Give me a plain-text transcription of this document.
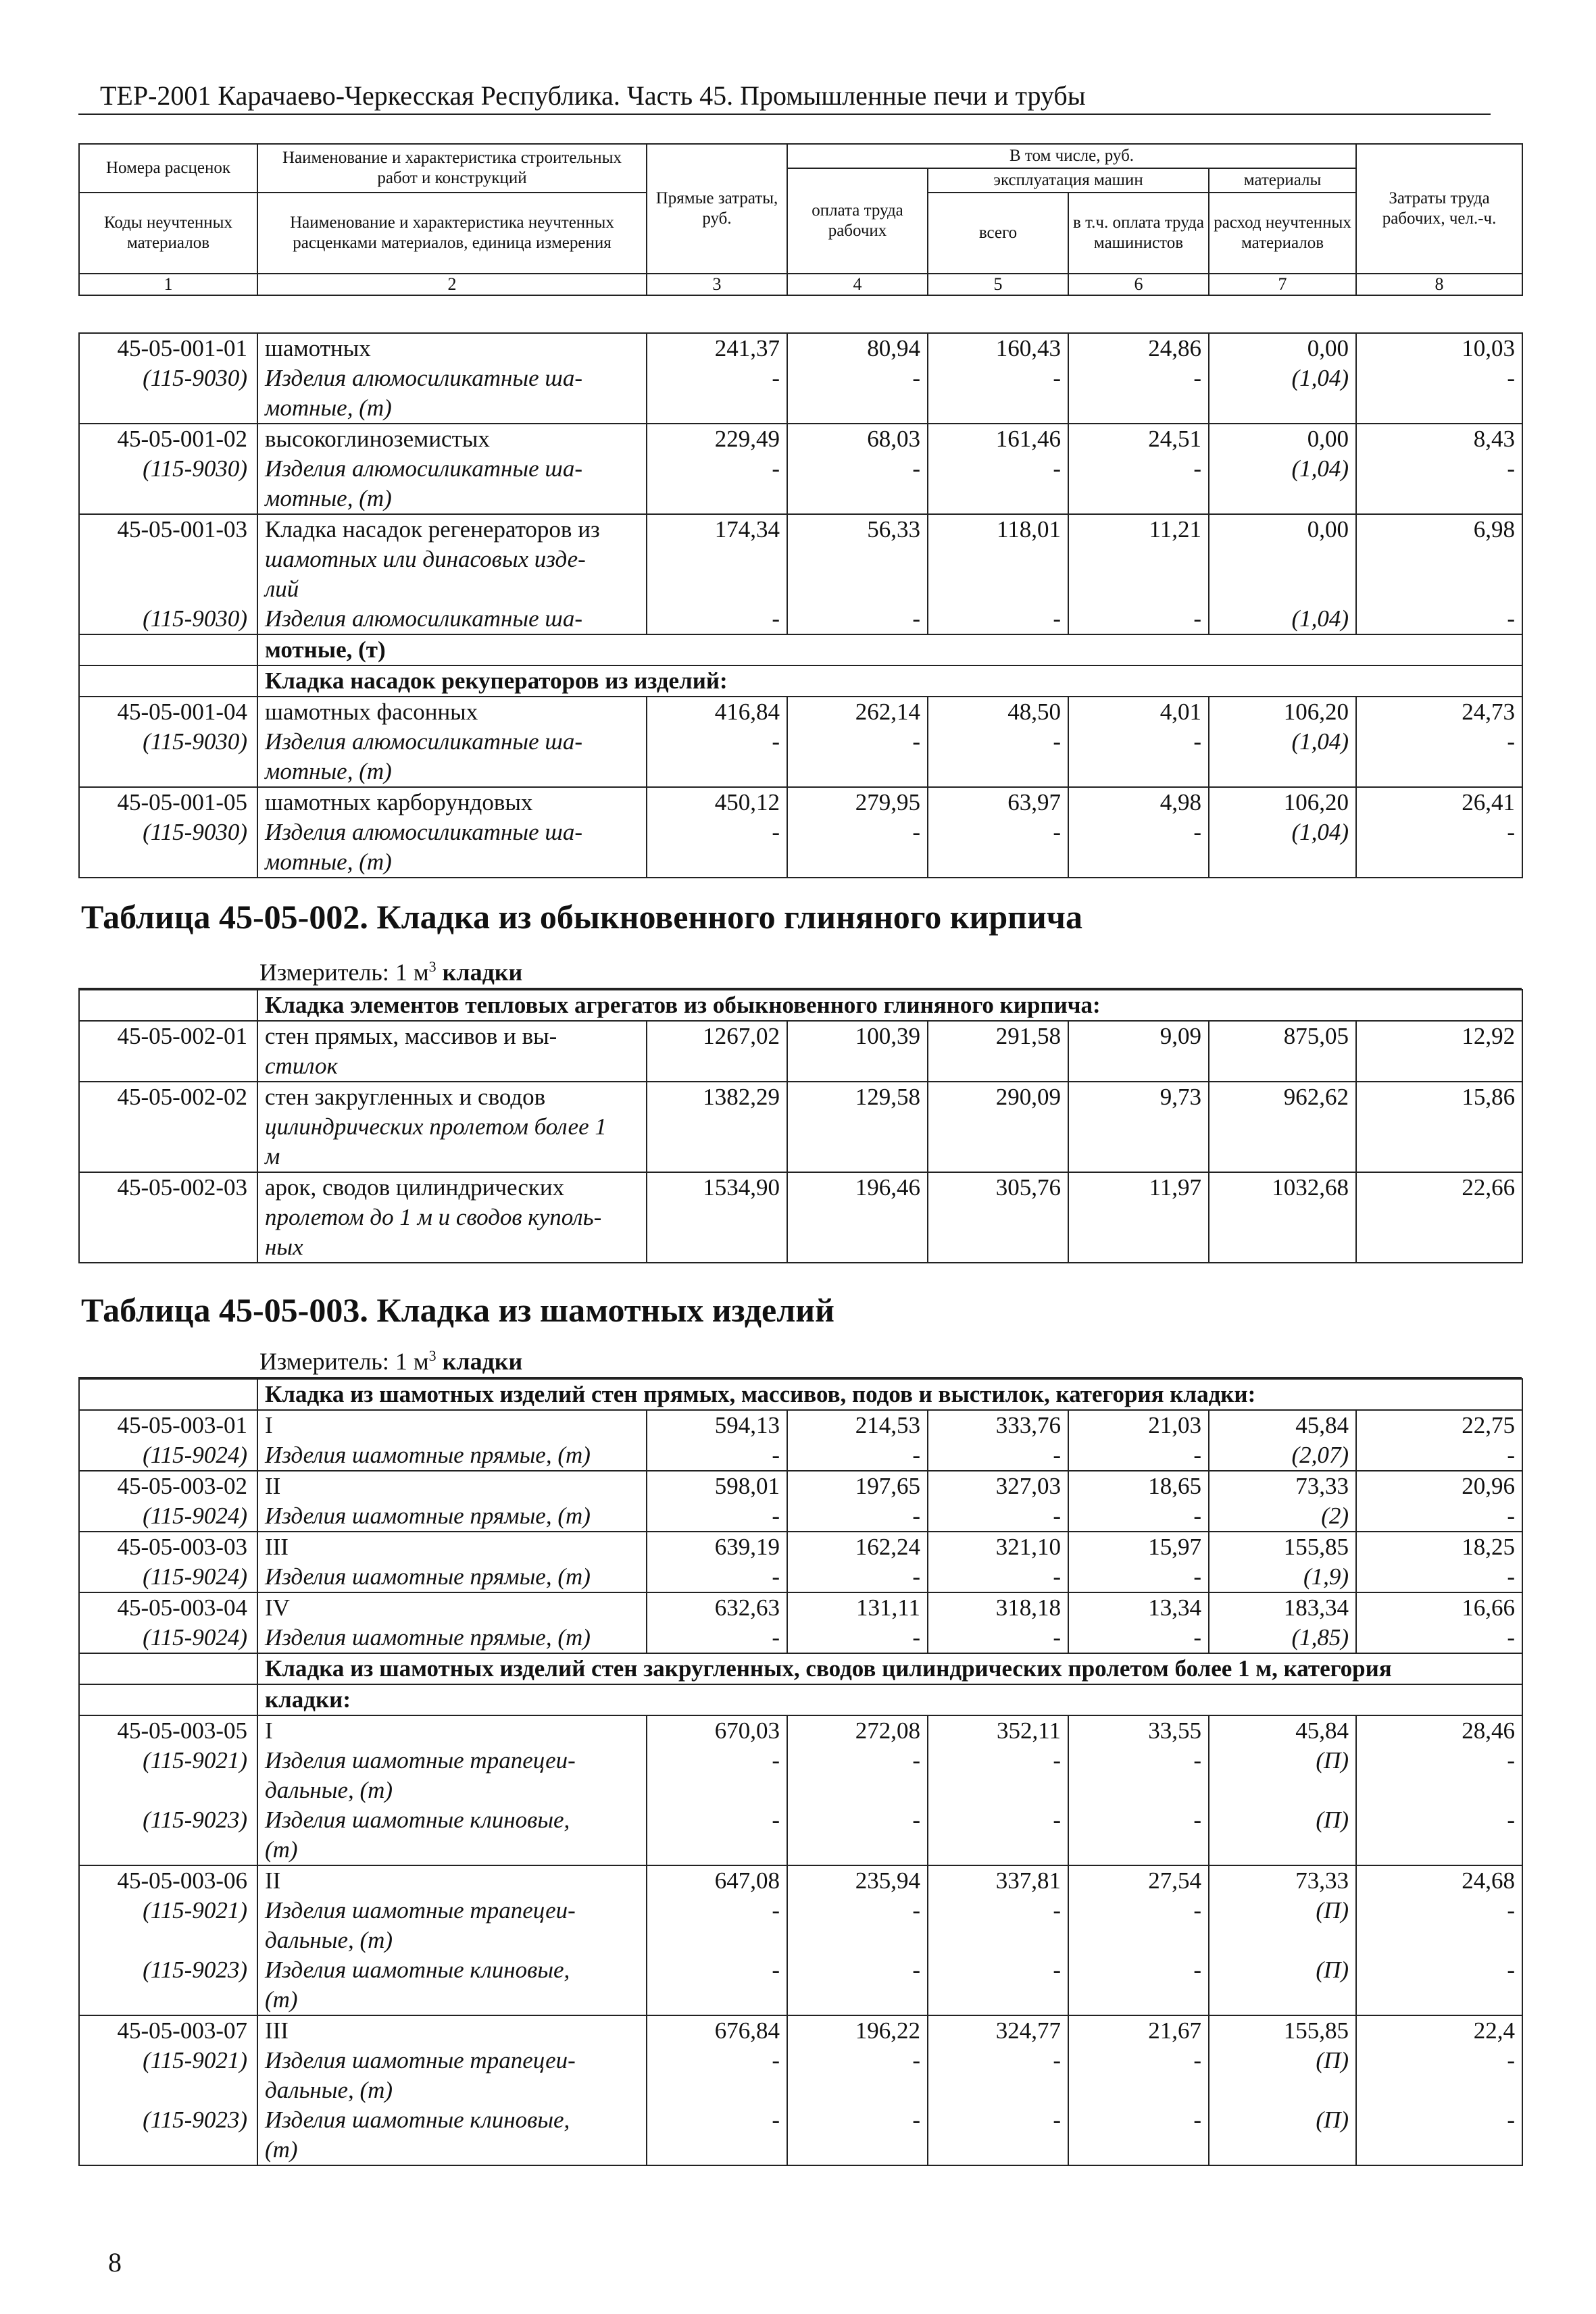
ТЕР-2001 Карачаево-Черкесская Республика. Часть 45. Промышленные печи и трубы
Номера расценок	Наименование и характеристика строительных работ и конструкций	Прямые затраты, руб.	В том числе, руб.				Затраты труда рабочих, чел.-ч.
			оплата труда рабочих	эксплуатация машин		материалы	
Коды неучтенных материалов	Наименование и характеристика неучтенных расценками материалов, единица измерения			всего	в т.ч. оплата труда машинистов	расход неучтенных материалов	

1	2	3	4	5	6	7	8
45-05-001-01	шамотных	241,37	80,94	160,43	24,86	0,00	10,03
(115-9030)	Изделия алюмосиликатные ша-	-	-	-	-	(1,04)	-
	мотные, (т)						
45-05-001-02	высокоглиноземистых	229,49	68,03	161,46	24,51	0,00	8,43
(115-9030)	Изделия алюмосиликатные ша-	-	-	-	-	(1,04)	-
	мотные, (т)						
45-05-001-03	Кладка насадок регенераторов из	174,34	56,33	118,01	11,21	0,00	6,98
	шамотных или динасовых изде-						
	лий						
(115-9030)	Изделия алюмосиликатные ша-	-	-	-	-	(1,04)	-
	мотные, (т)						
	Кладка насадок рекуператоров из изделий:						
45-05-001-04	шамотных фасонных	416,84	262,14	48,50	4,01	106,20	24,73
(115-9030)	Изделия алюмосиликатные ша-	-	-	-	-	(1,04)	-
	мотные, (т)						
45-05-001-05	шамотных карборундовых	450,12	279,95	63,97	4,98	106,20	26,41
(115-9030)	Изделия алюмосиликатные ша-	-	-	-	-	(1,04)	-
	мотные, (т)						
Таблица 45-05-002. Кладка из обыкновенного глиняного кирпича
Измеритель: 1 $м^3$ кладки
	Кладка элементов тепловых агрегатов из обыкновенного глиняного кирпича:						
45-05-002-01	стен прямых, массивов и вы-	1267,02	100,39	291,58	9,09	875,05	12,92
	стилок						
45-05-002-02	стен закругленных и сводов	1382,29	129,58	290,09	9,73	962,62	15,86
	цилиндрических пролетом более 1						
	м						
45-05-002-03	арок, сводов цилиндрических	1534,90	196,46	305,76	11,97	1032,68	22,66
	пролетом до 1 м и сводов куполь-						
	ных						
Таблица 45-05-003. Кладка из шамотных изделий
Измеритель: 1 $м^3$ кладки
	Кладка из шамотных изделий стен прямых, массивов, подов и выстилок, категория кладки:						
45-05-003-01	I	594,13	214,53	333,76	21,03	45,84	22,75
(115-9024)	Изделия шамотные прямые, (т)	-	-	-	-	(2,07)	-
45-05-003-02	II	598,01	197,65	327,03	18,65	73,33	20,96
(115-9024)	Изделия шамотные прямые, (т)	-	-	-	-	(2)	-
45-05-003-03	III	639,19	162,24	321,10	15,97	155,85	18,25
(115-9024)	Изделия шамотные прямые, (т)	-	-	-	-	(1,9)	-
45-05-003-04	IV	632,63	131,11	318,18	13,34	183,34	16,66
(115-9024)	Изделия шамотные прямые, (т)	-	-	-	-	(1,85)	-
	Кладка из шамотных изделий стен закругленных, сводов цилиндрических пролетом более 1 м, категория						
	кладки:						
45-05-003-05	I	670,03	272,08	352,11	33,55	45,84	28,46
(115-9021)	Изделия шамотные трапецеи-	-	-	-	-	(П)	-
	дальные, (т)						
(115-9023)	Изделия шамотные клиновые,	-	-	-	-	(П)	-
	(т)						
45-05-003-06	II	647,08	235,94	337,81	27,54	73,33	24,68
(115-9021)	Изделия шамотные трапецеи-	-	-	-	-	(П)	-
	дальные, (т)						
(115-9023)	Изделия шамотные клиновые,	-	-	-	-	(П)	-
	(т)						
45-05-003-07	III	676,84	196,22	324,77	21,67	155,85	22,4
(115-9021)	Изделия шамотные трапецеи-	-	-	-	-	(П)	-
	дальные, (т)						
(115-9023)	Изделия шамотные клиновые,	-	-	-	-	(П)	-
	(т)						
8
